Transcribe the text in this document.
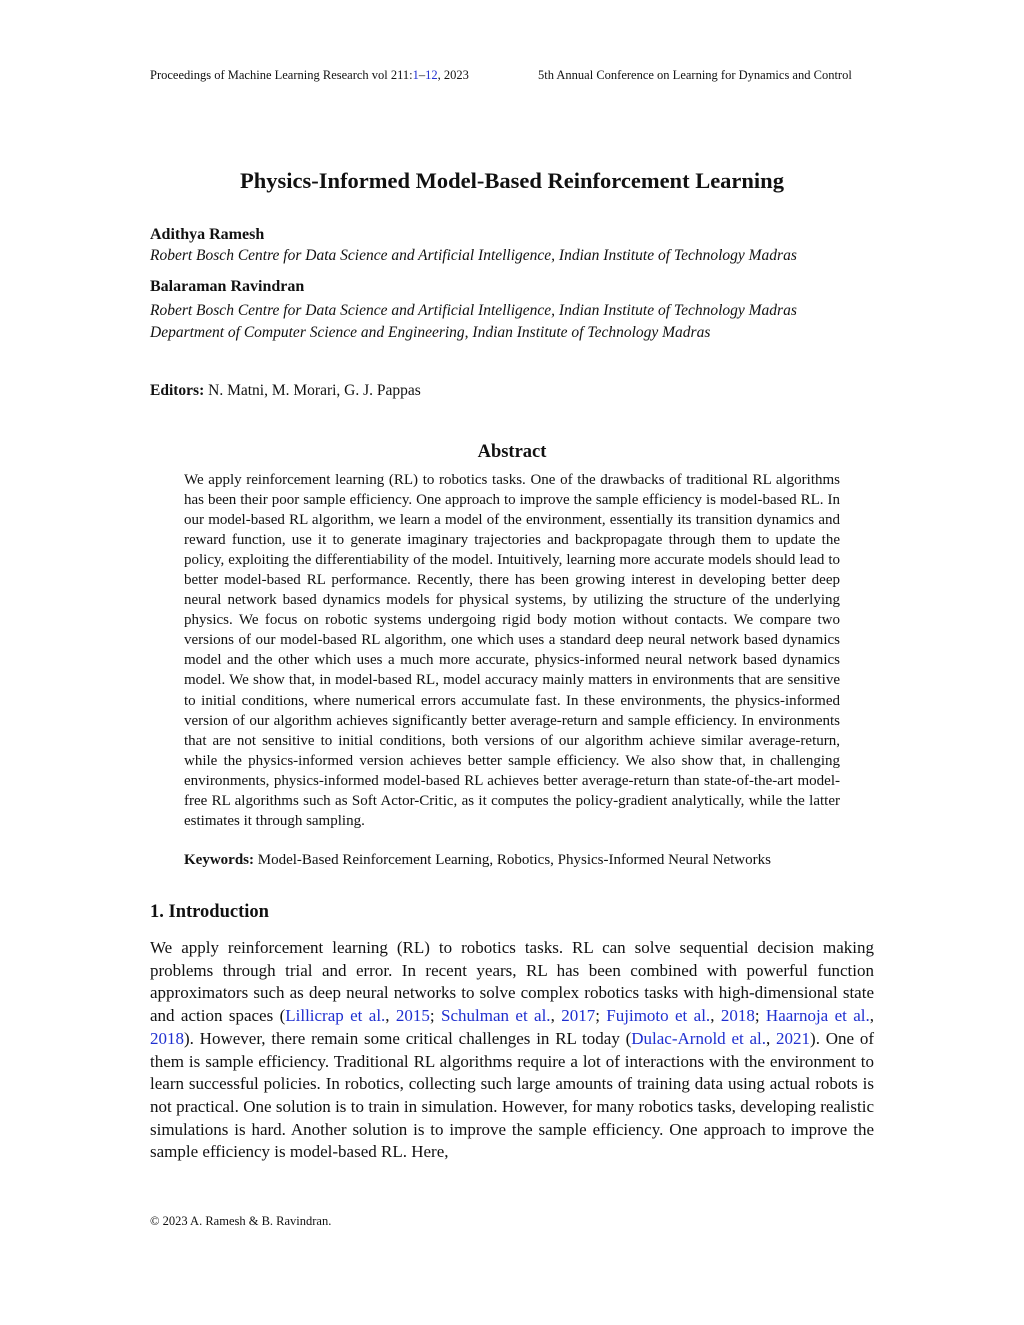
Proceedings of Machine Learning Research vol 211:1–12, 2023	5th Annual Conference on Learning for Dynamics and Control
Physics-Informed Model-Based Reinforcement Learning
Adithya Ramesh
Robert Bosch Centre for Data Science and Artificial Intelligence, Indian Institute of Technology Madras
Balaraman Ravindran
Robert Bosch Centre for Data Science and Artificial Intelligence, Indian Institute of Technology Madras
Department of Computer Science and Engineering, Indian Institute of Technology Madras
Editors: N. Matni, M. Morari, G. J. Pappas
Abstract
We apply reinforcement learning (RL) to robotics tasks. One of the drawbacks of traditional RL algorithms has been their poor sample efficiency. One approach to improve the sample efficiency is model-based RL. In our model-based RL algorithm, we learn a model of the environment, essentially its transition dynamics and reward function, use it to generate imaginary trajectories and backpropagate through them to update the policy, exploiting the differentiability of the model. Intuitively, learning more accurate models should lead to better model-based RL performance. Recently, there has been growing interest in developing better deep neural network based dynamics models for physical systems, by utilizing the structure of the underlying physics. We focus on robotic systems undergoing rigid body motion without contacts. We compare two versions of our model-based RL algorithm, one which uses a standard deep neural network based dynamics model and the other which uses a much more accurate, physics-informed neural network based dynamics model. We show that, in model-based RL, model accuracy mainly matters in environments that are sensitive to initial conditions, where numerical errors accumulate fast. In these environments, the physics-informed version of our algorithm achieves significantly better average-return and sample efficiency. In environments that are not sensitive to initial conditions, both versions of our algorithm achieve similar average-return, while the physics-informed version achieves better sample efficiency. We also show that, in challenging environments, physics-informed model-based RL achieves better average-return than state-of-the-art model-free RL algorithms such as Soft Actor-Critic, as it computes the policy-gradient analytically, while the latter estimates it through sampling.
Keywords: Model-Based Reinforcement Learning, Robotics, Physics-Informed Neural Networks
1. Introduction
We apply reinforcement learning (RL) to robotics tasks. RL can solve sequential decision making problems through trial and error. In recent years, RL has been combined with powerful function approximators such as deep neural networks to solve complex robotics tasks with high-dimensional state and action spaces (Lillicrap et al., 2015; Schulman et al., 2017; Fujimoto et al., 2018; Haarnoja et al., 2018). However, there remain some critical challenges in RL today (Dulac-Arnold et al., 2021). One of them is sample efficiency. Traditional RL algorithms require a lot of interactions with the environment to learn successful policies. In robotics, collecting such large amounts of training data using actual robots is not practical. One solution is to train in simulation. However, for many robotics tasks, developing realistic simulations is hard. Another solution is to improve the sample efficiency. One approach to improve the sample efficiency is model-based RL. Here,
© 2023 A. Ramesh & B. Ravindran.
